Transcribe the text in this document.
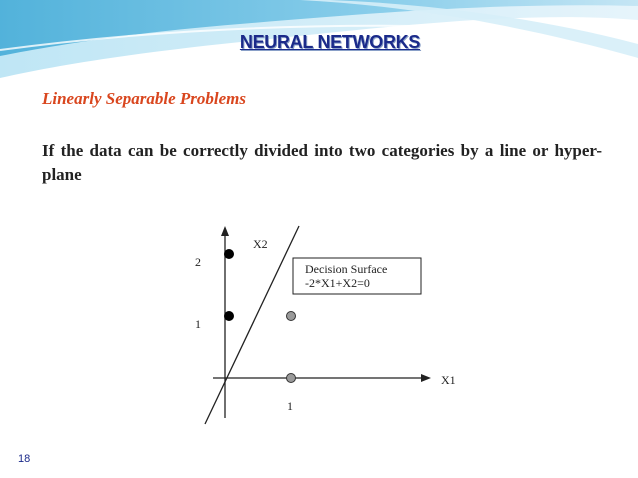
NEURAL NETWORKS
Linearly Separable Problems
If the data can be correctly divided into two categories by a line or hyper-plane
X2
X1
2
1
1
Decision Surface
-2*X1+X2=0
18
